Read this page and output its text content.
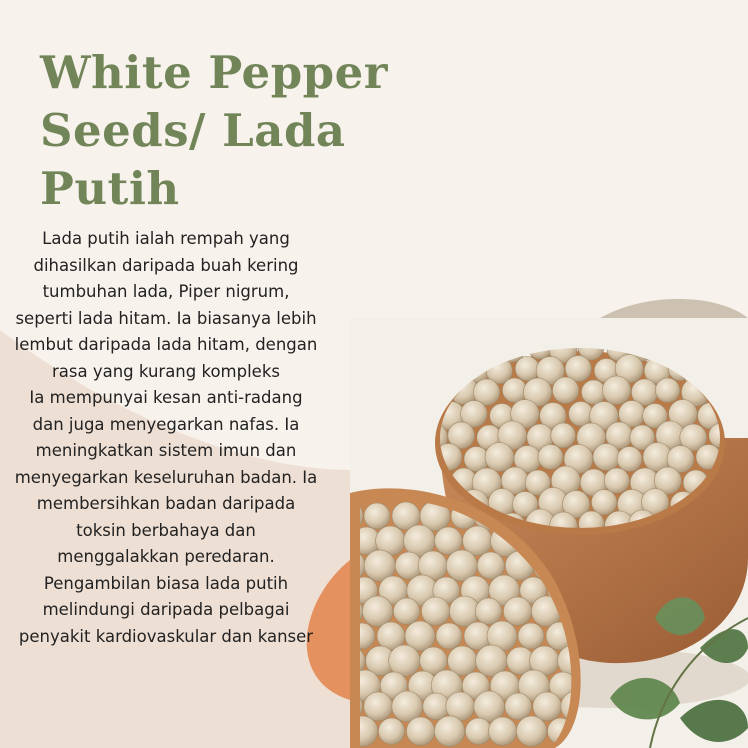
White Pepper Seeds/ Lada Putih

Lada putih ialah rempah yang dihasilkan daripada buah kering tumbuhan lada, Piper nigrum, seperti lada hitam. Ia biasanya lebih lembut daripada lada hitam, dengan rasa yang kurang kompleks

Ia mempunyai kesan anti-radang dan juga menyegarkan nafas. Ia meningkatkan sistem imun dan menyegarkan keseluruhan badan. Ia membersihkan badan daripada toksin berbahaya dan menggalakkan peredaran.

Pengambilan biasa lada putih melindungi daripada pelbagai penyakit kardiovaskular dan kanser
